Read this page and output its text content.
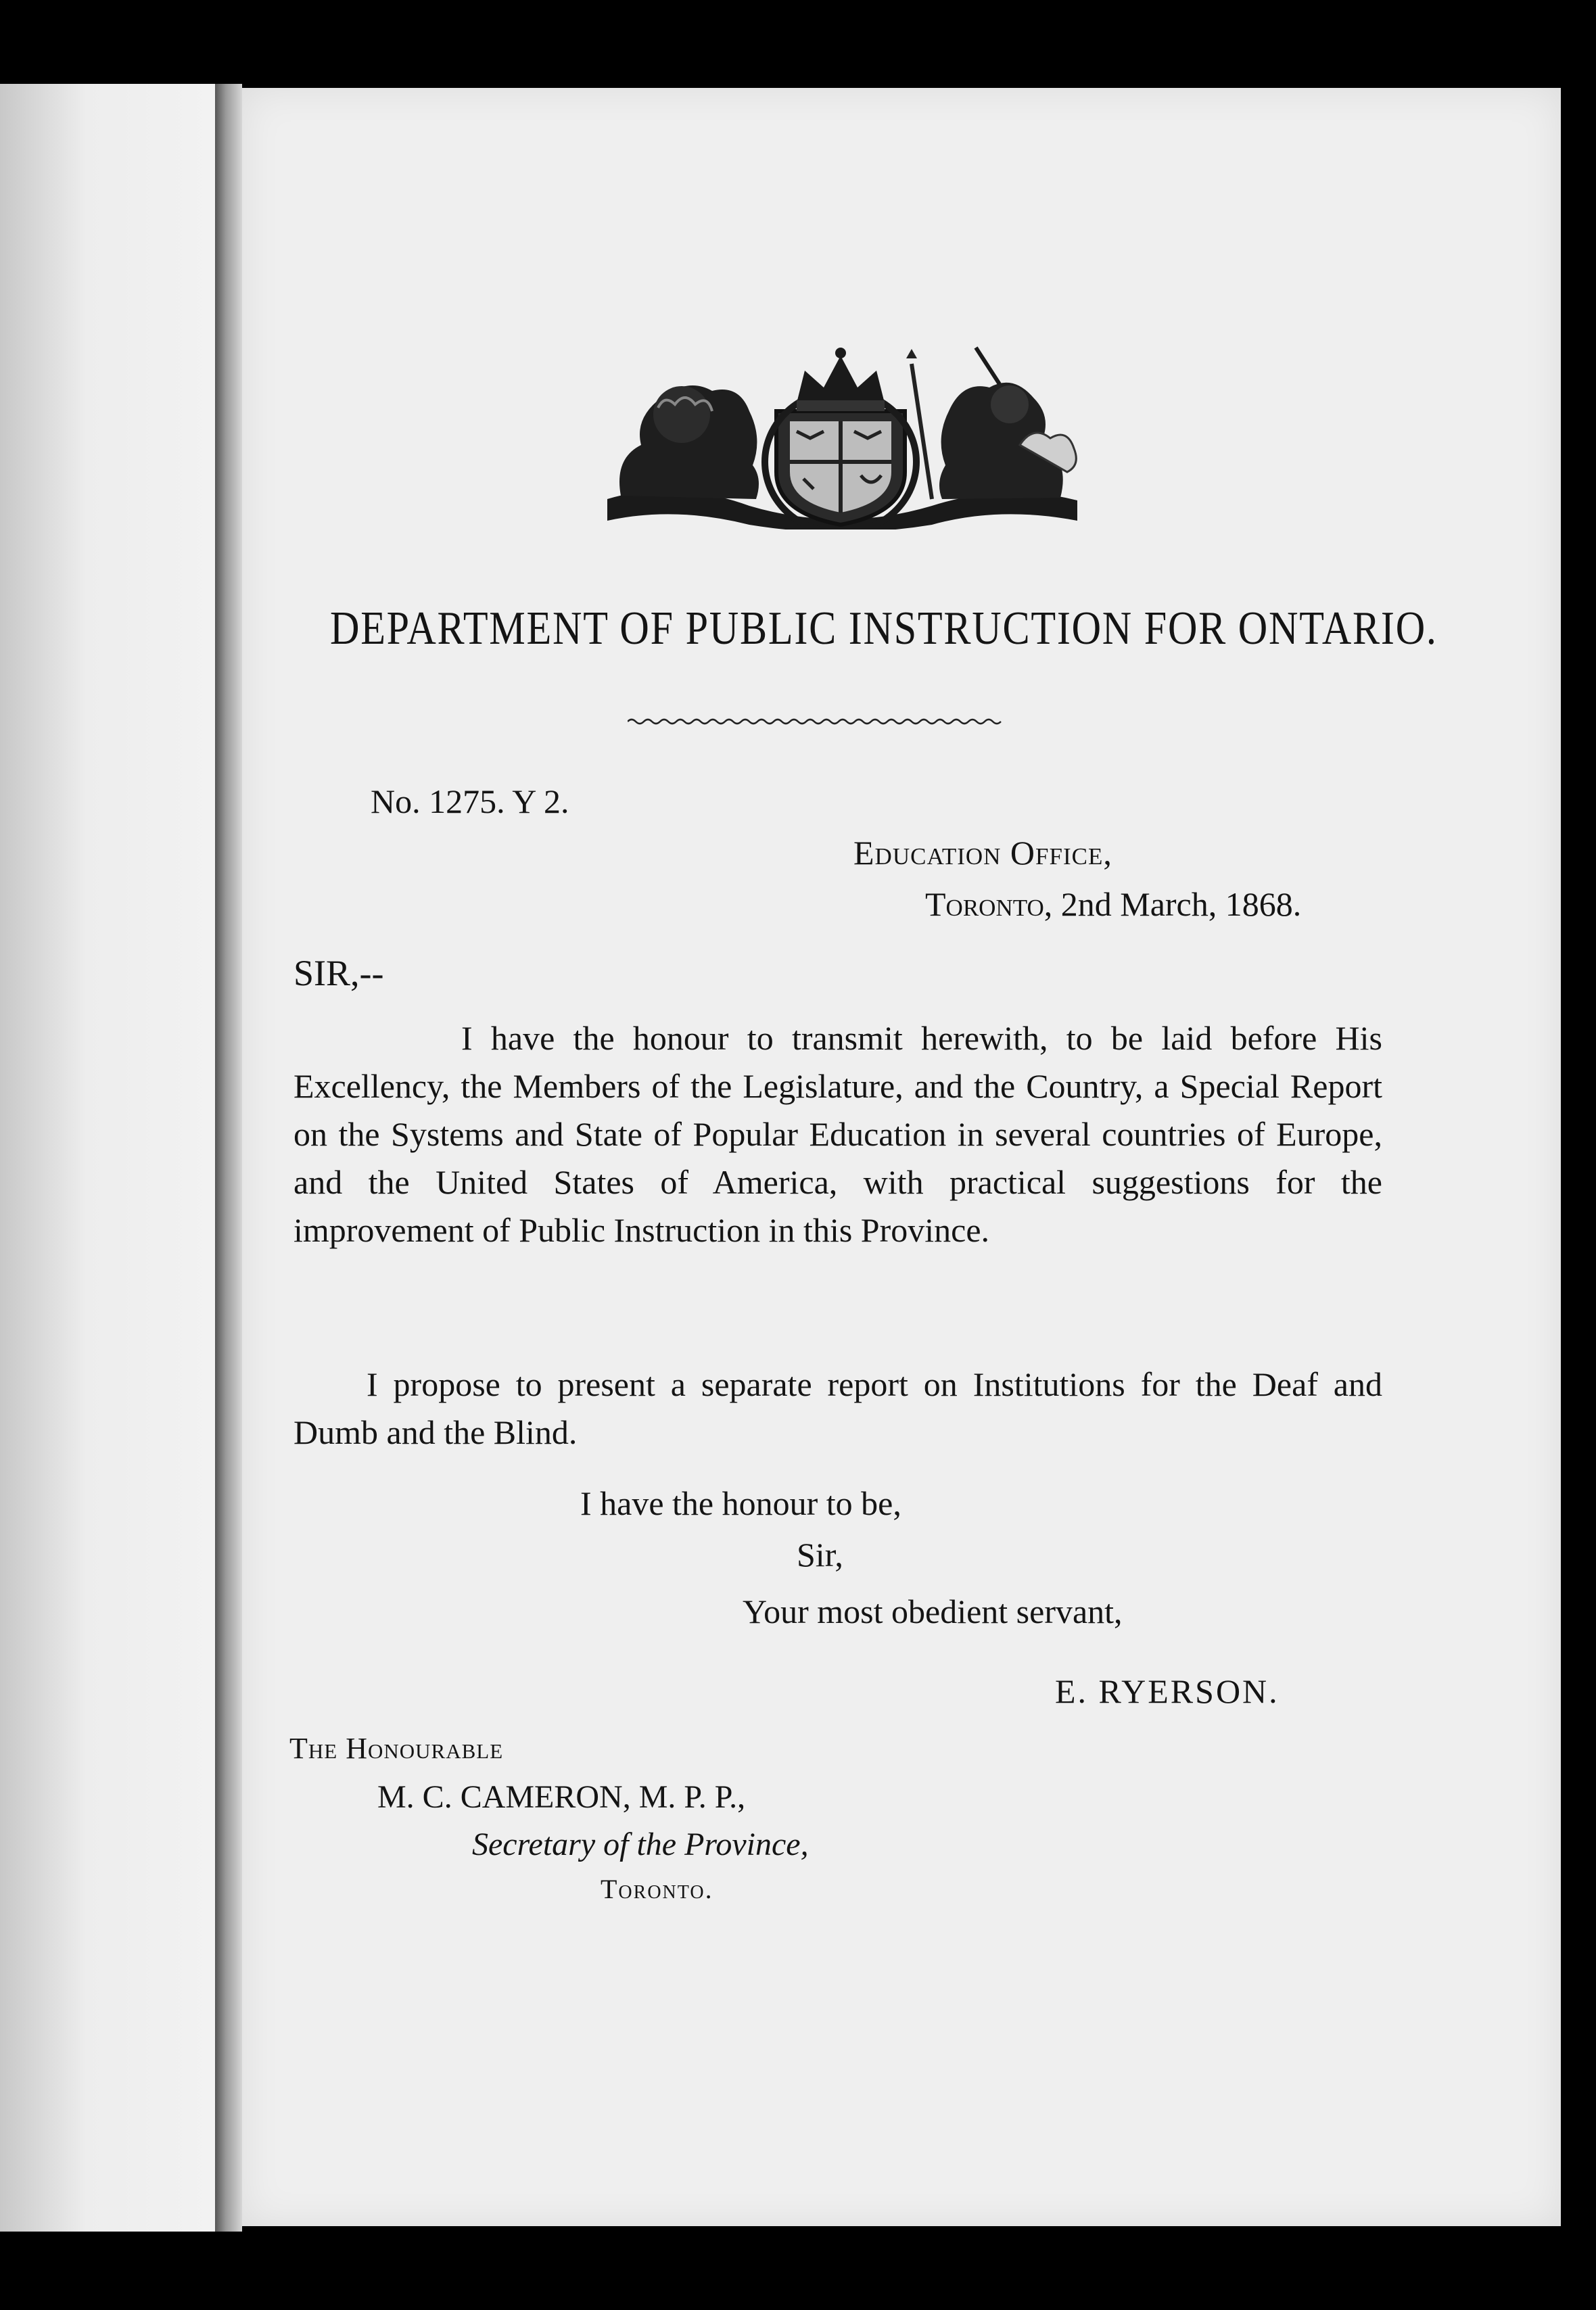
DEPARTMENT OF PUBLIC INSTRUCTION FOR ONTARIO.
No. 1275. Y 2.
Education Office,
Toronto, 2nd March, 1868.
SIR,--
I have the honour to transmit herewith, to be laid before His Excellency, the Members of the Legislature, and the Country, a Special Report on the Systems and State of Popular Education in several countries of Europe, and the United States of America, with practical suggestions for the improvement of Public Instruction in this Province.
I propose to present a separate report on Institutions for the Deaf and Dumb and the Blind.
I have the honour to be,
Sir,
Your most obedient servant,
E. RYERSON.
The Honourable
M. C. CAMERON, M. P. P.,
Secretary of the Province,
Toronto.
